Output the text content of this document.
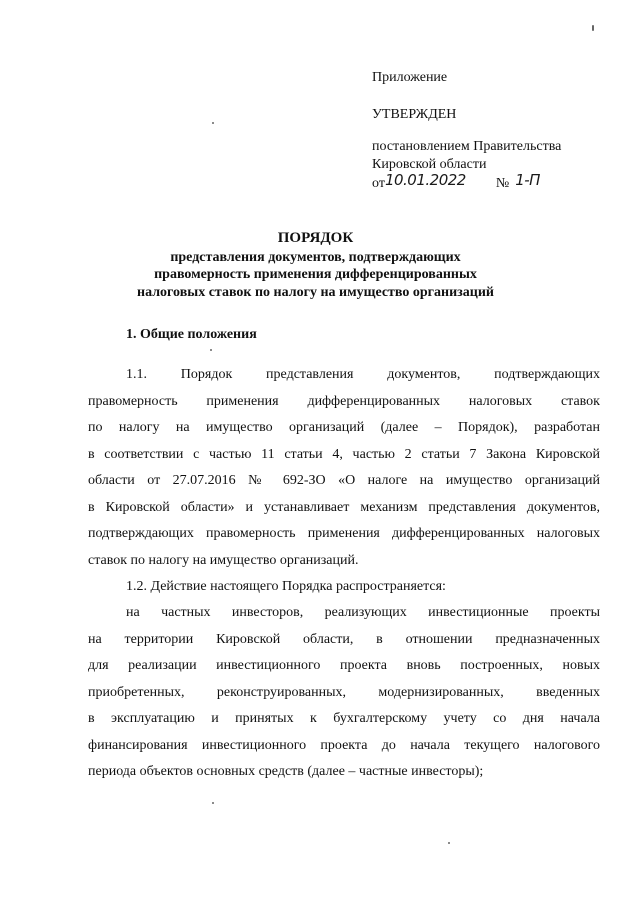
Приложение
УТВЕРЖДЕН
постановлением Правительства
Кировской области
от10.01.2022 № 1-П
ПОРЯДОК
представления документов, подтверждающих
правомерность применения дифференцированных
налоговых ставок по налогу на имущество организаций
1. Общие положения
1.1. Порядок представления документов, подтверждающих
правомерность применения дифференцированных налоговых ставок
по налогу на имущество организаций (далее – Порядок), разработан
в соответствии с частью 11 статьи 4, частью 2 статьи 7 Закона Кировской
области от 27.07.2016 № 692-ЗО «О налоге на имущество организаций
в Кировской области» и устанавливает механизм представления документов,
подтверждающих правомерность применения дифференцированных налоговых
ставок по налогу на имущество организаций.
1.2. Действие настоящего Порядка распространяется:
на частных инвесторов, реализующих инвестиционные проекты
на территории Кировской области, в отношении предназначенных
для реализации инвестиционного проекта вновь построенных, новых
приобретенных, реконструированных, модернизированных, введенных
в эксплуатацию и принятых к бухгалтерскому учету со дня начала
финансирования инвестиционного проекта до начала текущего налогового
периода объектов основных средств (далее – частные инвесторы);
